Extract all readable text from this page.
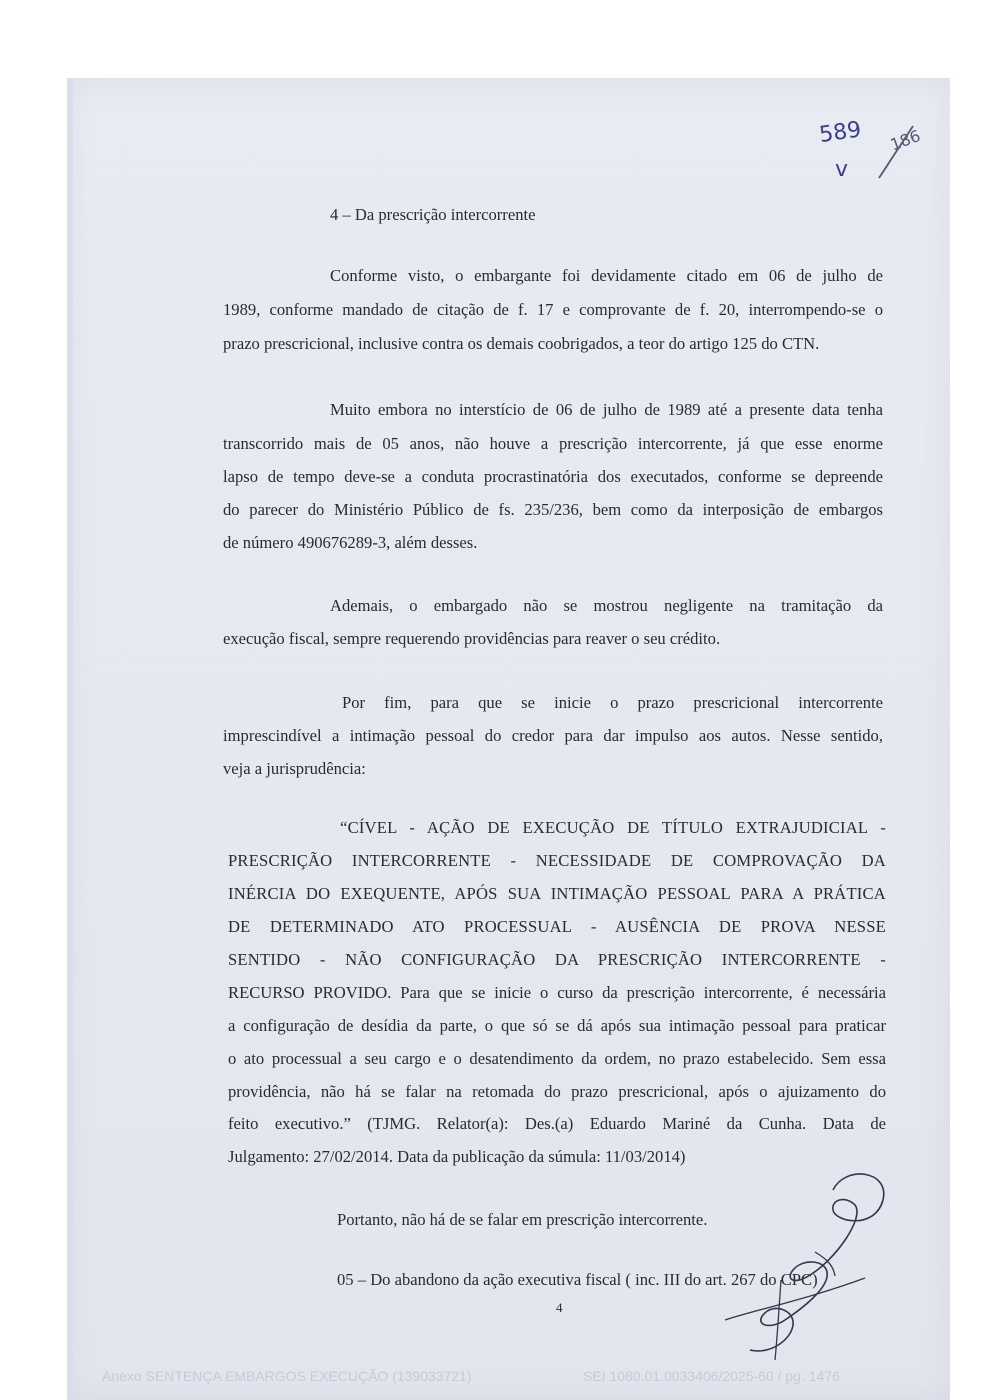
589
v
186
4 – Da prescrição intercorrente
Conforme visto, o embargante foi devidamente citado em 06 de julho de
1989, conforme mandado de citação de f. 17 e comprovante de f. 20, interrompendo-se o
prazo prescricional, inclusive contra os demais coobrigados, a teor do artigo 125 do CTN.
Muito embora no interstício de 06 de julho de 1989 até a presente data tenha
transcorrido mais de 05 anos, não houve a prescrição intercorrente, já que esse enorme
lapso de tempo deve-se a conduta procrastinatória dos executados, conforme se depreende
do parecer do Ministério Público de fs. 235/236, bem como da interposição de embargos
de número 490676289-3, além desses.
Ademais, o embargado não se mostrou negligente na tramitação da
execução fiscal, sempre requerendo providências para reaver o seu crédito.
Por fim, para que se inicie o prazo prescricional intercorrente
imprescindível a intimação pessoal do credor para dar impulso aos autos. Nesse sentido,
veja a jurisprudência:
“CÍVEL - AÇÃO DE EXECUÇÃO DE TÍTULO EXTRAJUDICIAL -
PRESCRIÇÃO INTERCORRENTE - NECESSIDADE DE COMPROVAÇÃO DA
INÉRCIA DO EXEQUENTE, APÓS SUA INTIMAÇÃO PESSOAL PARA A PRÁTICA
DE DETERMINADO ATO PROCESSUAL - AUSÊNCIA DE PROVA NESSE
SENTIDO - NÃO CONFIGURAÇÃO DA PRESCRIÇÃO INTERCORRENTE -
RECURSO PROVIDO. Para que se inicie o curso da prescrição intercorrente, é necessária
a configuração de desídia da parte, o que só se dá após sua intimação pessoal para praticar
o ato processual a seu cargo e o desatendimento da ordem, no prazo estabelecido. Sem essa
providência, não há se falar na retomada do prazo prescricional, após o ajuizamento do
feito executivo.” (TJMG. Relator(a): Des.(a) Eduardo Mariné da Cunha. Data de
Julgamento: 27/02/2014. Data da publicação da súmula: 11/03/2014)
Portanto, não há de se falar em prescrição intercorrente.
05 – Do abandono da ação executiva fiscal ( inc. III do art. 267 do CPC)
4
Anexo SENTENÇA EMBARGOS EXECUÇÃO (139033721)	SEI 1080.01.0033406/2025-60 / pg. 1476
